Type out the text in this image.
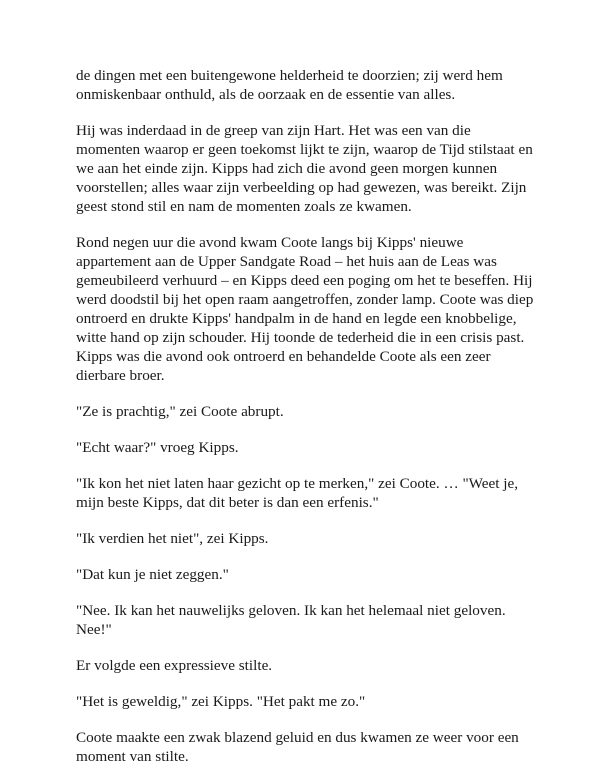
de dingen met een buitengewone helderheid te doorzien; zij werd hem onmiskenbaar onthuld, als de oorzaak en de essentie van alles.

Hij was inderdaad in de greep van zijn Hart. Het was een van die momenten waarop er geen toekomst lijkt te zijn, waarop de Tijd stilstaat en we aan het einde zijn. Kipps had zich die avond geen morgen kunnen voorstellen; alles waar zijn verbeelding op had gewezen, was bereikt. Zijn geest stond stil en nam de momenten zoals ze kwamen.

Rond negen uur die avond kwam Coote langs bij Kipps' nieuwe appartement aan de Upper Sandgate Road – het huis aan de Leas was gemeubileerd verhuurd – en Kipps deed een poging om het te beseffen. Hij werd doodstil bij het open raam aangetroffen, zonder lamp. Coote was diep ontroerd en drukte Kipps' handpalm in de hand en legde een knobbelige, witte hand op zijn schouder. Hij toonde de tederheid die in een crisis past. Kipps was die avond ook ontroerd en behandelde Coote als een zeer dierbare broer.

"Ze is prachtig," zei Coote abrupt.

"Echt waar?" vroeg Kipps.

"Ik kon het niet laten haar gezicht op te merken," zei Coote. … "Weet je, mijn beste Kipps, dat dit beter is dan een erfenis."

"Ik verdien het niet", zei Kipps.

"Dat kun je niet zeggen."

"Nee. Ik kan het nauwelijks geloven. Ik kan het helemaal niet geloven. Nee!"

Er volgde een expressieve stilte.

"Het is geweldig," zei Kipps. "Het pakt me zo."

Coote maakte een zwak blazend geluid en dus kwamen ze weer voor een moment van stilte.
